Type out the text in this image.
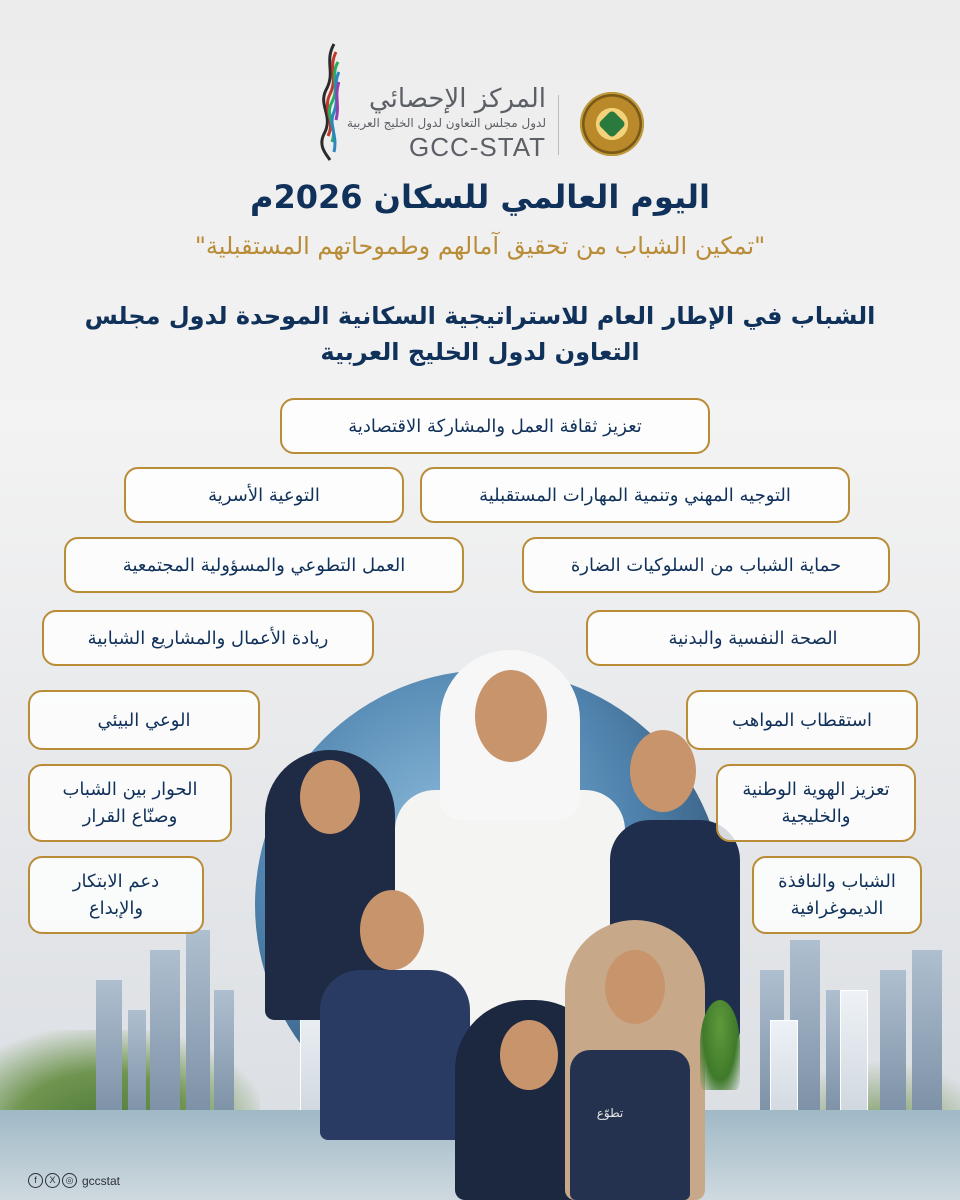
المركز الإحصائي
لدول مجلس التعاون لدول الخليج العربية
GCC-STAT
اليوم العالمي للسكان 2026م
"تمكين الشباب من تحقيق آمالهم وطموحاتهم المستقبلية"
الشباب في الإطار العام للاستراتيجية السكانية الموحدة لدول مجلس التعاون لدول الخليج العربية
تطوّع
تعزيز ثقافة العمل والمشاركة الاقتصادية
التوجيه المهني وتنمية المهارات المستقبلية
التوعية الأسرية
حماية الشباب من السلوكيات الضارة
العمل التطوعي والمسؤولية المجتمعية
الصحة النفسية والبدنية
ريادة الأعمال والمشاريع الشبابية
استقطاب المواهب
الوعي البيئي
تعزيز الهوية الوطنية والخليجية
الحوار بين الشباب وصنّاع القرار
الشباب والنافذة الديموغرافية
دعم الابتكار والإبداع
f	X	◎ gccstat
